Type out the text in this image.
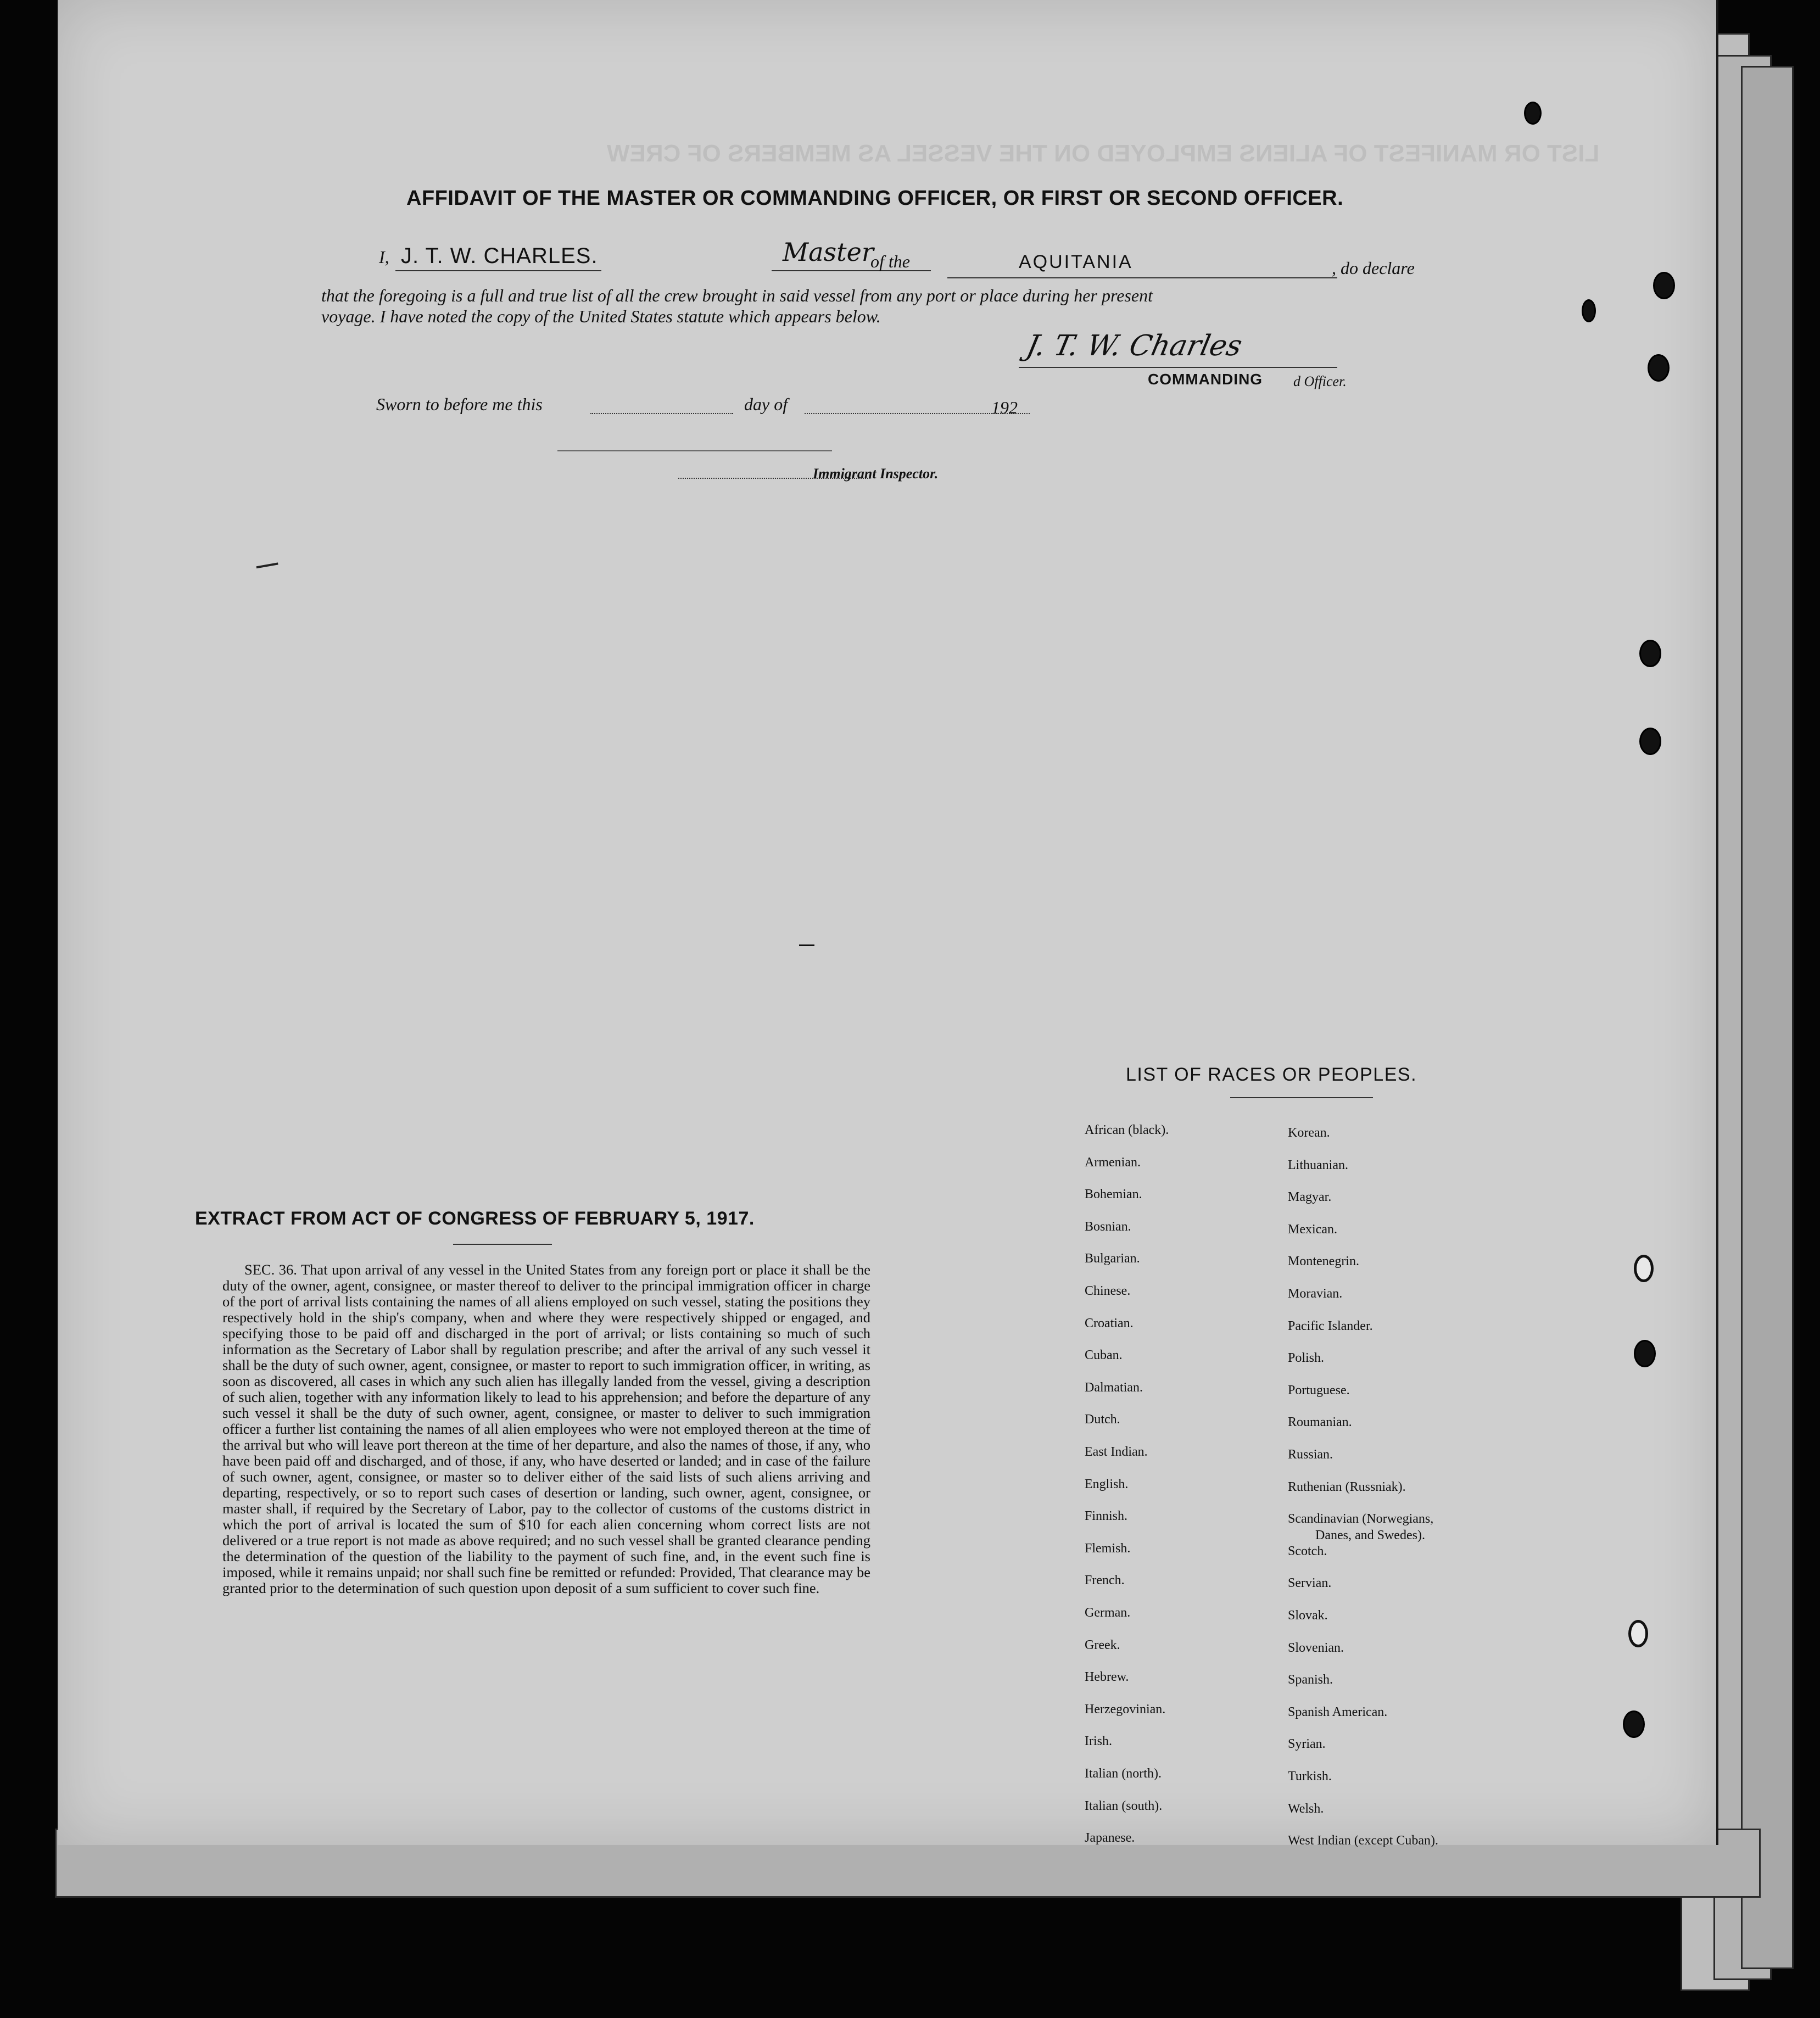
LIST OR MANIFEST OF ALIENS EMPLOYED ON THE VESSEL AS MEMBERS OF CREW
AFFIDAVIT OF THE MASTER OR COMMANDING OFFICER, OR FIRST OR SECOND OFFICER.
I, J. T. W. CHARLES.	Master
of the	AQUITANIA	, do declare
that the foregoing is a full and true list of all the crew brought in said vessel from any port or place during her present
voyage. I have noted the copy of the United States statute which appears below.
J. T. W. Charles
COMMANDING d Officer.
Sworn to before me this	day of	192
Immigrant Inspector.
EXTRACT FROM ACT OF CONGRESS OF FEBRUARY 5, 1917.

SEC. 36. That upon arrival of any vessel in the United States from any foreign port or place it shall be the duty of the owner, agent, consignee, or master thereof to deliver to the principal immigration officer in charge of the port of arrival lists containing the names of all aliens employed on such vessel, stating the positions they respectively hold in the ship's company, when and where they were respectively shipped or engaged, and specifying those to be paid off and discharged in the port of arrival; or lists containing so much of such information as the Secretary of Labor shall by regulation prescribe; and after the arrival of any such vessel it shall be the duty of such owner, agent, consignee, or master to report to such immigration officer, in writing, as soon as discovered, all cases in which any such alien has illegally landed from the vessel, giving a description of such alien, together with any information likely to lead to his apprehension; and before the departure of any such vessel it shall be the duty of such owner, agent, consignee, or master to deliver to such immigration officer a further list containing the names of all alien employees who were not employed thereon at the time of the arrival but who will leave port thereon at the time of her departure, and also the names of those, if any, who have been paid off and discharged, and of those, if any, who have deserted or landed; and in case of the failure of such owner, agent, consignee, or master so to deliver either of the said lists of such aliens arriving and departing, respectively, or so to report such cases of desertion or landing, such owner, agent, consignee, or master shall, if required by the Secretary of Labor, pay to the collector of customs of the customs district in which the port of arrival is located the sum of $10 for each alien concerning whom correct lists are not delivered or a true report is not made as above required; and no such vessel shall be granted clearance pending the determination of the question of the liability to the payment of such fine, and, in the event such fine is imposed, while it remains unpaid; nor shall such fine be remitted or refunded: Provided, That clearance may be granted prior to the determination of such question upon deposit of a sum sufficient to cover such fine.

LIST OF RACES OR PEOPLES.
African (black).
Armenian.
Bohemian.
Bosnian.
Bulgarian.
Chinese.
Croatian.
Cuban.
Dalmatian.
Dutch.
East Indian.
English.
Finnish.
Flemish.
French.
German.
Greek.
Hebrew.
Herzegovinian.
Irish.
Italian (north).
Italian (south).
Japanese.
Korean.
Lithuanian.
Magyar.
Mexican.
Montenegrin.
Moravian.
Pacific Islander.
Polish.
Portuguese.
Roumanian.
Russian.
Ruthenian (Russniak).
Scandinavian (Norwegians,
Danes, and Swedes).
Scotch.
Servian.
Slovak.
Slovenian.
Spanish.
Spanish American.
Syrian.
Turkish.
Welsh.
West Indian (except Cuban).
